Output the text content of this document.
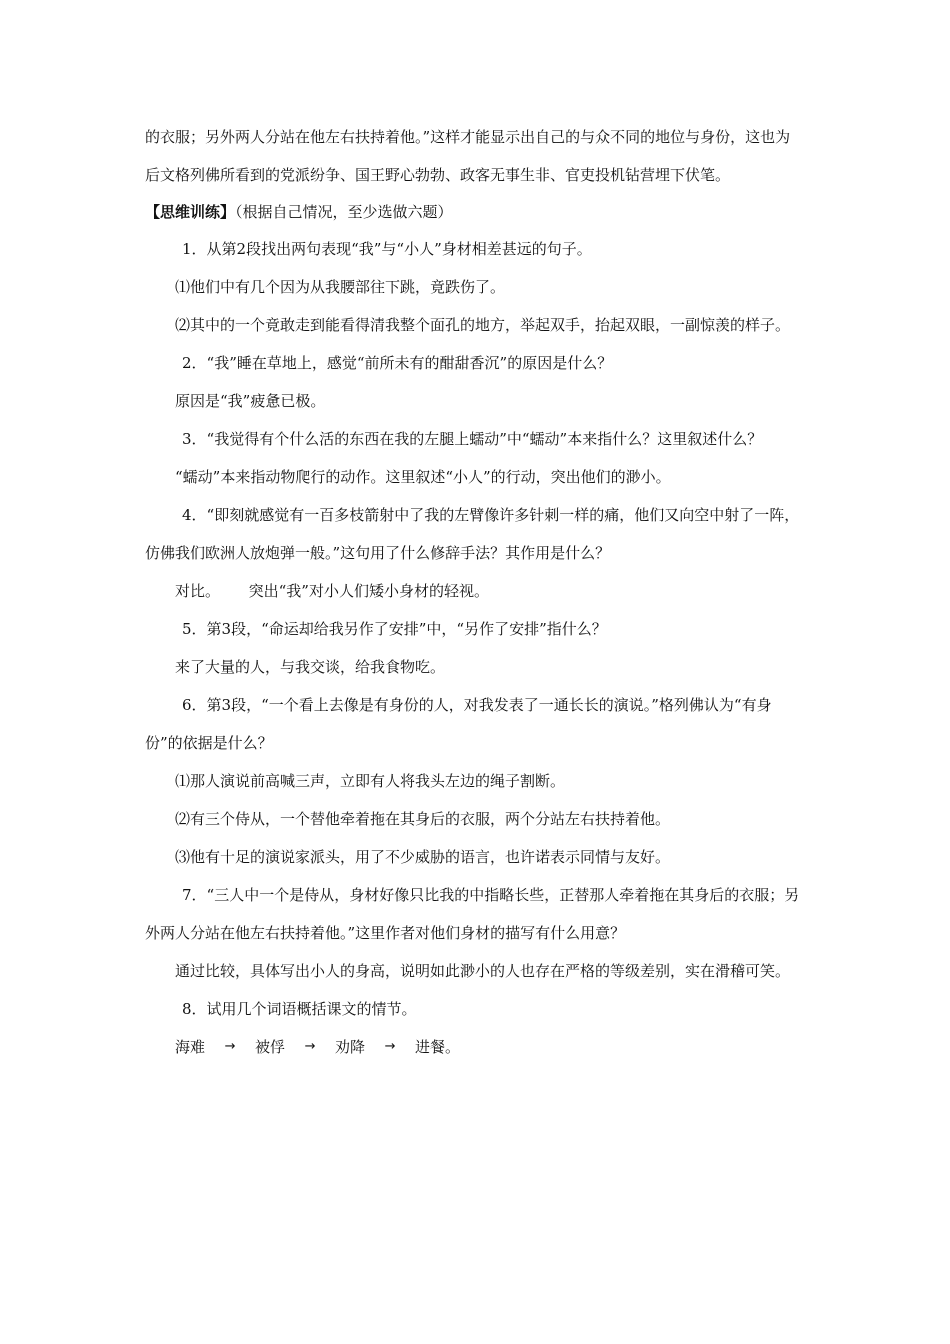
的衣服；另外两人分站在他左右扶持着他。”这样才能显示出自己的与众不同的地位与身份，这也为后文格列佛所看到的党派纷争、国王野心勃勃、政客无事生非、官吏投机钻营埋下伏笔。

【思维训练】（根据自己情况，至少选做六题）

1．从第2段找出两句表现“我”与“小人”身材相差甚远的句子。

⑴他们中有几个因为从我腰部往下跳，竟跌伤了。

⑵其中的一个竟敢走到能看得清我整个面孔的地方，举起双手，抬起双眼，一副惊羡的样子。

2．“我”睡在草地上，感觉“前所未有的酣甜香沉”的原因是什么？

原因是“我”疲惫已极。

3．“我觉得有个什么活的东西在我的左腿上蠕动”中“蠕动”本来指什么？这里叙述什么？

“蠕动”本来指动物爬行的动作。这里叙述“小人”的行动，突出他们的渺小。

4．“即刻就感觉有一百多枝箭射中了我的左臂像许多针刺一样的痛，他们又向空中射了一阵，仿佛我们欧洲人放炮弹一般。”这句用了什么修辞手法？其作用是什么？

对比。      突出“我”对小人们矮小身材的轻视。

5．第3段，“命运却给我另作了安排”中，“另作了安排”指什么？

来了大量的人，与我交谈，给我食物吃。

6．第3段，“一个看上去像是有身份的人，对我发表了一通长长的演说。”格列佛认为“有身份”的依据是什么？

⑴那人演说前高喊三声，立即有人将我头左边的绳子割断。

⑵有三个侍从，一个替他牵着拖在其身后的衣服，两个分站左右扶持着他。

⑶他有十足的演说家派头，用了不少威胁的语言，也许诺表示同情与友好。

7．“三人中一个是侍从，身材好像只比我的中指略长些，正替那人牵着拖在其身后的衣服；另外两人分站在他左右扶持着他。”这里作者对他们身材的描写有什么用意？

通过比较，具体写出小人的身高，说明如此渺小的人也存在严格的等级差别，实在滑稽可笑。

8．试用几个词语概括课文的情节。

海难	→	被俘	→	劝降	→	进餐。
